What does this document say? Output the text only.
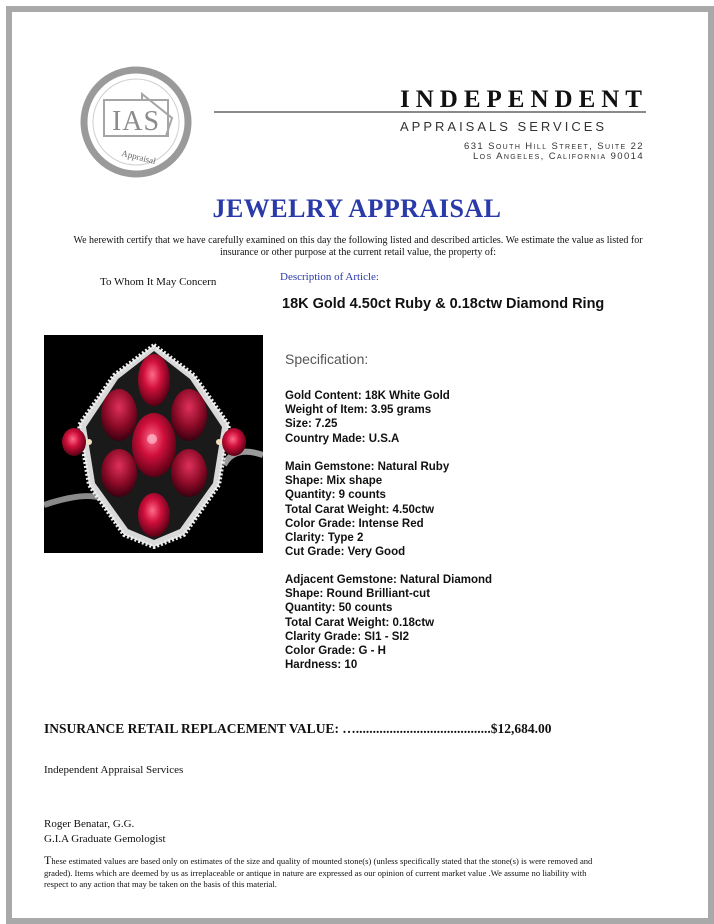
IAS
Appraisal
INDEPENDENT
APPRAISALS SERVICES
631 South Hill Street, Suite 22
Los Angeles, California 90014
JEWELRY APPRAISAL
We herewith certify that we have carefully examined on this day the following listed and described articles. We estimate the value as listed for insurance or other purpose at the current retail value, the property of:
To Whom It May Concern	Description of Article:
18K Gold 4.50ct Ruby & 0.18ctw Diamond Ring
Specification:
Gold Content: 18K White Gold
Weight of Item: 3.95 grams
Size: 7.25
Country Made: U.S.A
Main Gemstone: Natural Ruby
Shape: Mix shape
Quantity: 9 counts
Total Carat Weight: 4.50ctw
Color Grade: Intense Red
Clarity: Type 2
Cut Grade: Very Good
Adjacent Gemstone: Natural Diamond
Shape: Round Brilliant-cut
Quantity: 50 counts
Total Carat Weight: 0.18ctw
Clarity Grade: SI1 - SI2
Color Grade: G - H
Hardness: 10
INSURANCE RETAIL REPLACEMENT VALUE: …........................................$12,684.00
Independent Appraisal Services
Roger Benatar, G.G.
G.I.A Graduate Gemologist
These estimated values are based only on estimates of the size and quality of mounted stone(s) (unless specifically stated that the stone(s) is were removed and graded). Items which are deemed by us as irreplaceable or antique in nature are expressed as our opinion of current market value .We assume no liability with respect to any action that may be taken on the basis of this material.
